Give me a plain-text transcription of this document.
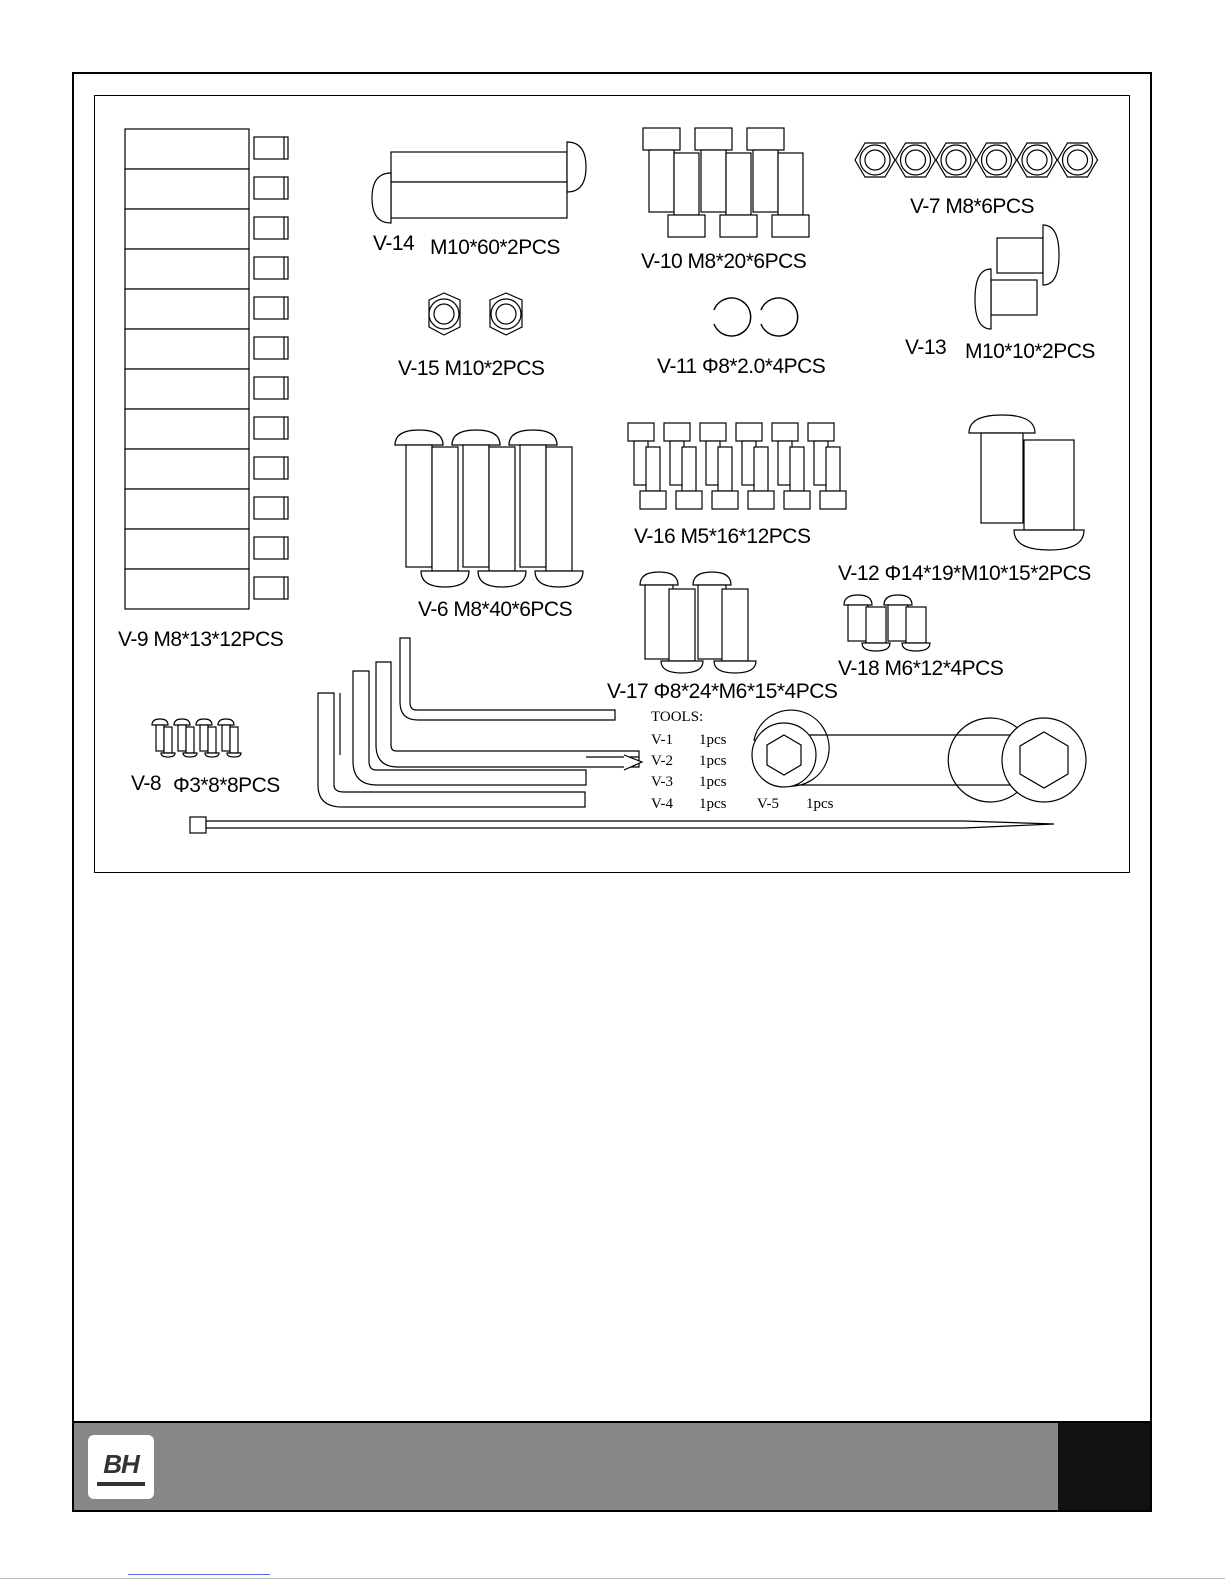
V-9 M8*13*12PCS
V-14 M10*60*2PCS
V-10 M8*20*6PCS
V-7 M8*6PCS
V-13 M10*10*2PCS
V-15 M10*2PCS	V-11 Φ8*2.0*4PCS
V-6 M8*40*6PCS
V-16 M5*16*12PCS
V-12 Φ14*19*M10*15*2PCS
V-17 Φ8*24*M6*15*4PCS
V-18 M6*12*4PCS
V-8 Φ3*8*8PCS
TOOLS:
V-1 1pcs
V-2 1pcs
V-3 1pcs
V-4 1pcs V-5 1pcs
BH
